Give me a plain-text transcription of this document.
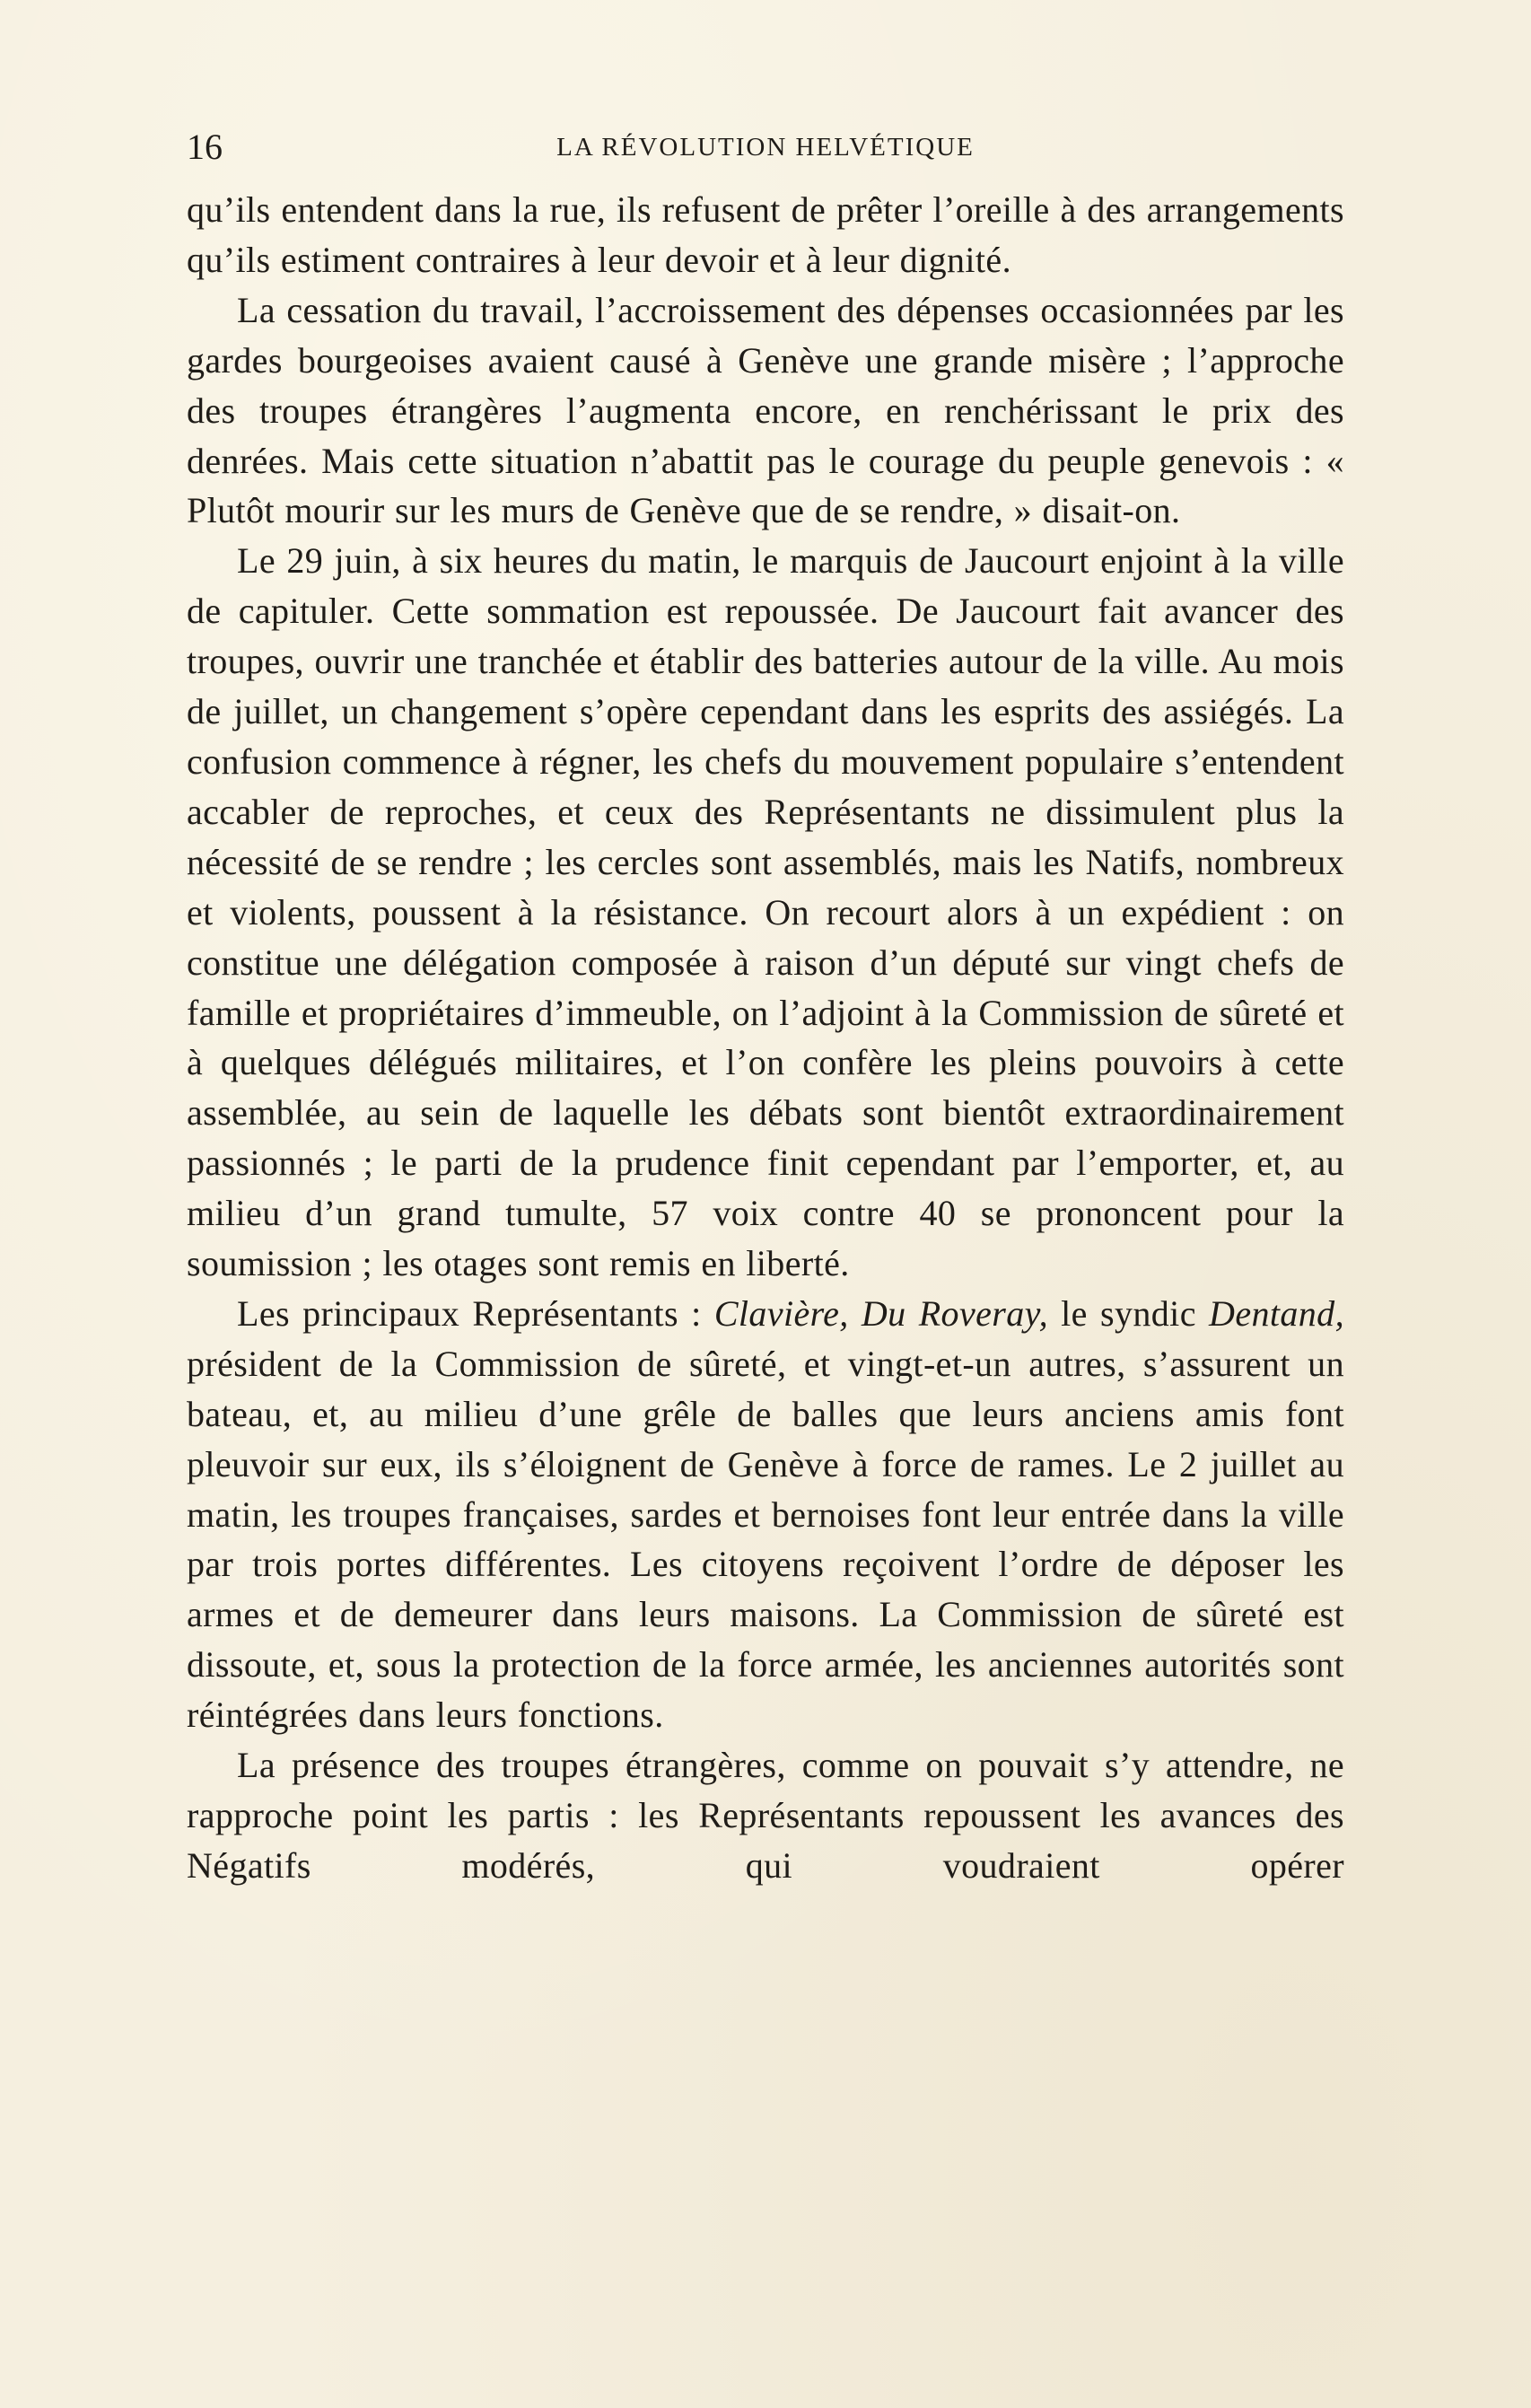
16	LA RÉVOLUTION HELVÉTIQUE

qu’ils entendent dans la rue, ils refusent de prêter l’oreille à des arrangements qu’ils estiment contraires à leur devoir et à leur dignité.

La cessation du travail, l’accroissement des dépenses occasionnées par les gardes bourgeoises avaient causé à Genève une grande misère ; l’approche des troupes étrangères l’augmenta encore, en renchérissant le prix des denrées. Mais cette situation n’abattit pas le courage du peuple genevois : « Plutôt mourir sur les murs de Genève que de se rendre, » disait-on.

Le 29 juin, à six heures du matin, le marquis de Jaucourt enjoint à la ville de capituler. Cette sommation est repoussée. De Jaucourt fait avancer des troupes, ouvrir une tranchée et établir des batteries autour de la ville. Au mois de juillet, un changement s’opère cependant dans les esprits des assiégés. La confusion commence à régner, les chefs du mouvement populaire s’entendent accabler de reproches, et ceux des Représentants ne dissimulent plus la nécessité de se rendre ; les cercles sont assemblés, mais les Natifs, nombreux et violents, poussent à la résistance. On recourt alors à un expédient : on constitue une délégation composée à raison d’un député sur vingt chefs de famille et propriétaires d’immeuble, on l’adjoint à la Commission de sûreté et à quelques délégués militaires, et l’on confère les pleins pouvoirs à cette assemblée, au sein de laquelle les débats sont bientôt extraordinairement passionnés ; le parti de la prudence finit cependant par l’emporter, et, au milieu d’un grand tumulte, 57 voix contre 40 se prononcent pour la soumission ; les otages sont remis en liberté.

Les principaux Représentants : Clavière, Du Roveray, le syndic Dentand, président de la Commission de sûreté, et vingt-et-un autres, s’assurent un bateau, et, au milieu d’une grêle de balles que leurs anciens amis font pleuvoir sur eux, ils s’éloignent de Genève à force de rames. Le 2 juillet au matin, les troupes françaises, sardes et bernoises font leur entrée dans la ville par trois portes différentes. Les citoyens reçoivent l’ordre de déposer les armes et de demeurer dans leurs maisons. La Commission de sûreté est dissoute, et, sous la protection de la force armée, les anciennes autorités sont réintégrées dans leurs fonctions.

La présence des troupes étrangères, comme on pouvait s’y attendre, ne rapproche point les partis : les Représentants repoussent les avances des Négatifs modérés, qui voudraient opérer
